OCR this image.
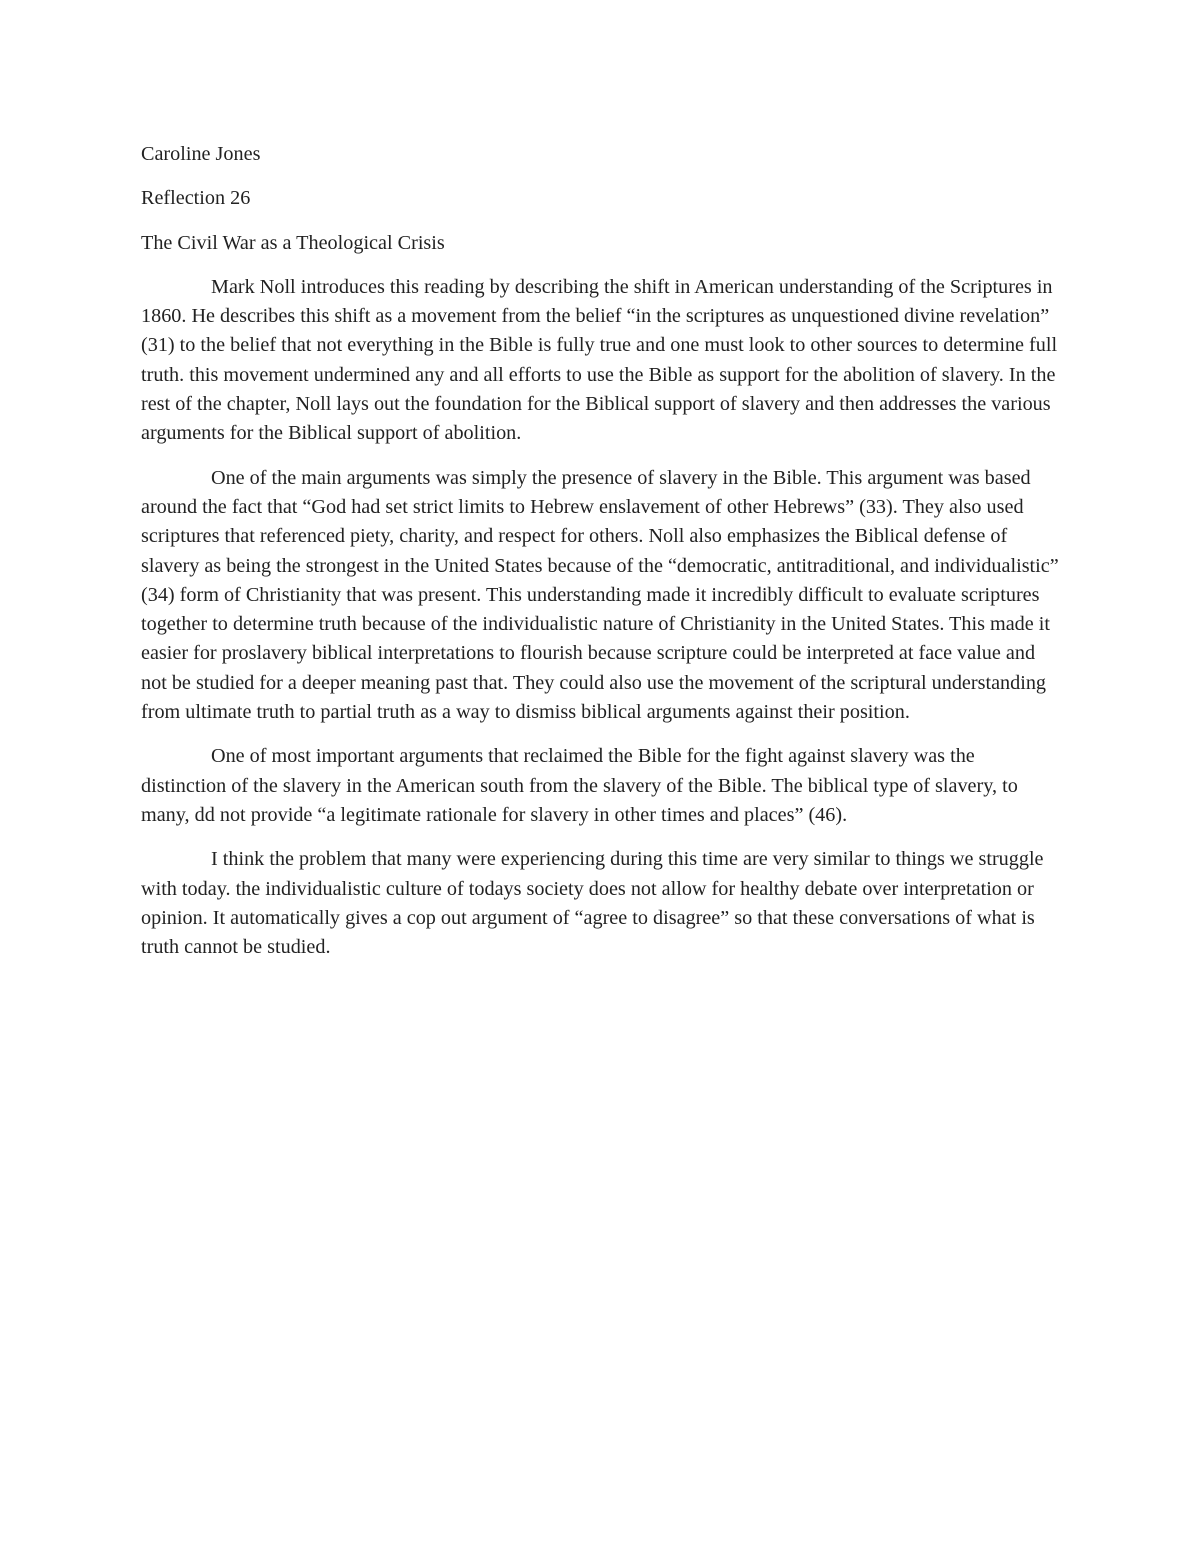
Caroline Jones

Reflection 26

The Civil War as a Theological Crisis

Mark Noll introduces this reading by describing the shift in American understanding of the Scriptures in 1860. He describes this shift as a movement from the belief “in the scriptures as unquestioned divine revelation” (31) to the belief that not everything in the Bible is fully true and one must look to other sources to determine full truth. this movement undermined any and all efforts to use the Bible as support for the abolition of slavery. In the rest of the chapter, Noll lays out the foundation for the Biblical support of slavery and then addresses the various arguments for the Biblical support of abolition.

One of the main arguments was simply the presence of slavery in the Bible. This argument was based around the fact that “God had set strict limits to Hebrew enslavement of other Hebrews” (33). They also used scriptures that referenced piety, charity, and respect for others. Noll also emphasizes the Biblical defense of slavery as being the strongest in the United States because of the “democratic, antitraditional, and individualistic” (34) form of Christianity that was present. This understanding made it incredibly difficult to evaluate scriptures together to determine truth because of the individualistic nature of Christianity in the United States. This made it easier for proslavery biblical interpretations to flourish because scripture could be interpreted at face value and not be studied for a deeper meaning past that. They could also use the movement of the scriptural understanding from ultimate truth to partial truth as a way to dismiss biblical arguments against their position.

One of most important arguments that reclaimed the Bible for the fight against slavery was the distinction of the slavery in the American south from the slavery of the Bible. The biblical type of slavery, to many, dd not provide “a legitimate rationale for slavery in other times and places” (46).

I think the problem that many were experiencing during this time are very similar to things we struggle with today. the individualistic culture of todays society does not allow for healthy debate over interpretation or opinion. It automatically gives a cop out argument of “agree to disagree” so that these conversations of what is truth cannot be studied.
